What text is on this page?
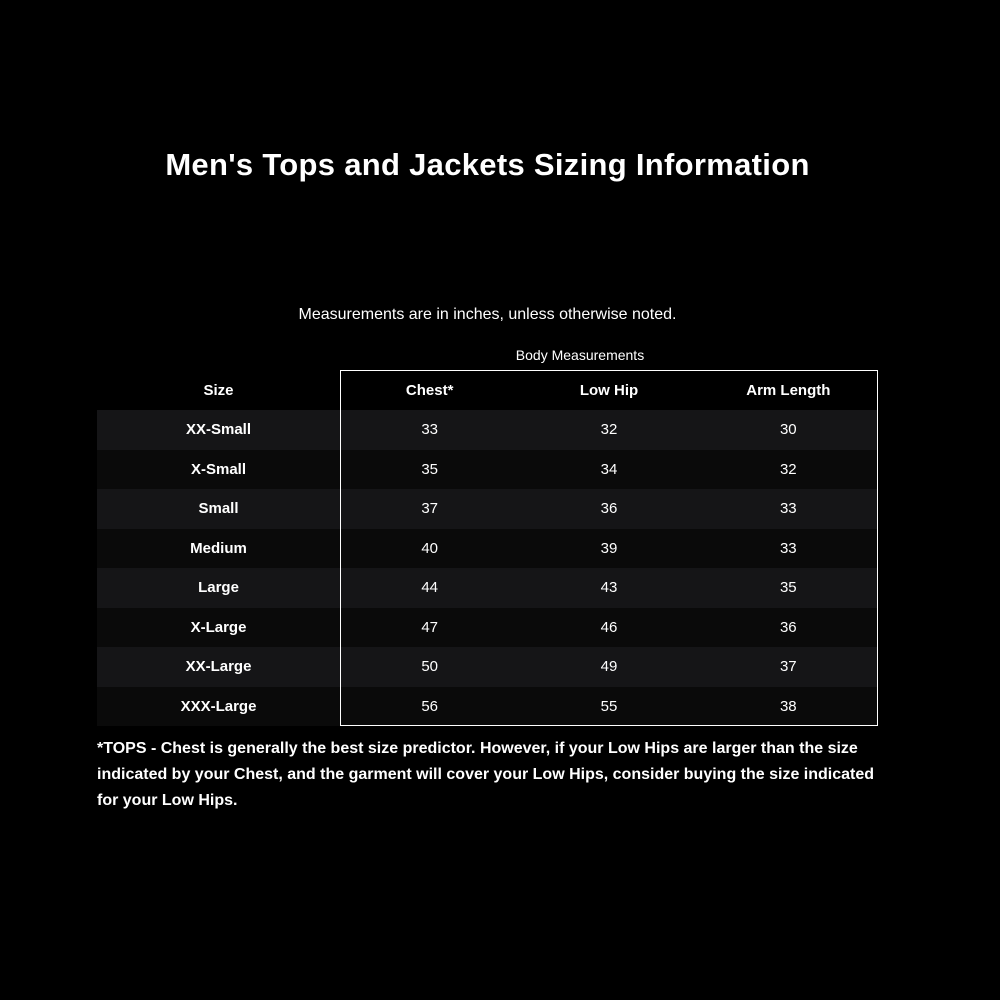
Men's Tops and Jackets Sizing Information
Measurements are in inches, unless otherwise noted.
Body Measurements
Size	Chest*	Low Hip	Arm Length
XX-Small	33	32	30
X-Small	35	34	32
Small	37	36	33
Medium	40	39	33
Large	44	43	35
X-Large	47	46	36
XX-Large	50	49	37
XXX-Large	56	55	38
*TOPS - Chest is generally the best size predictor. However, if your Low Hips are larger than the size indicated by your Chest, and the garment will cover your Low Hips, consider buying the size indicated for your Low Hips.
